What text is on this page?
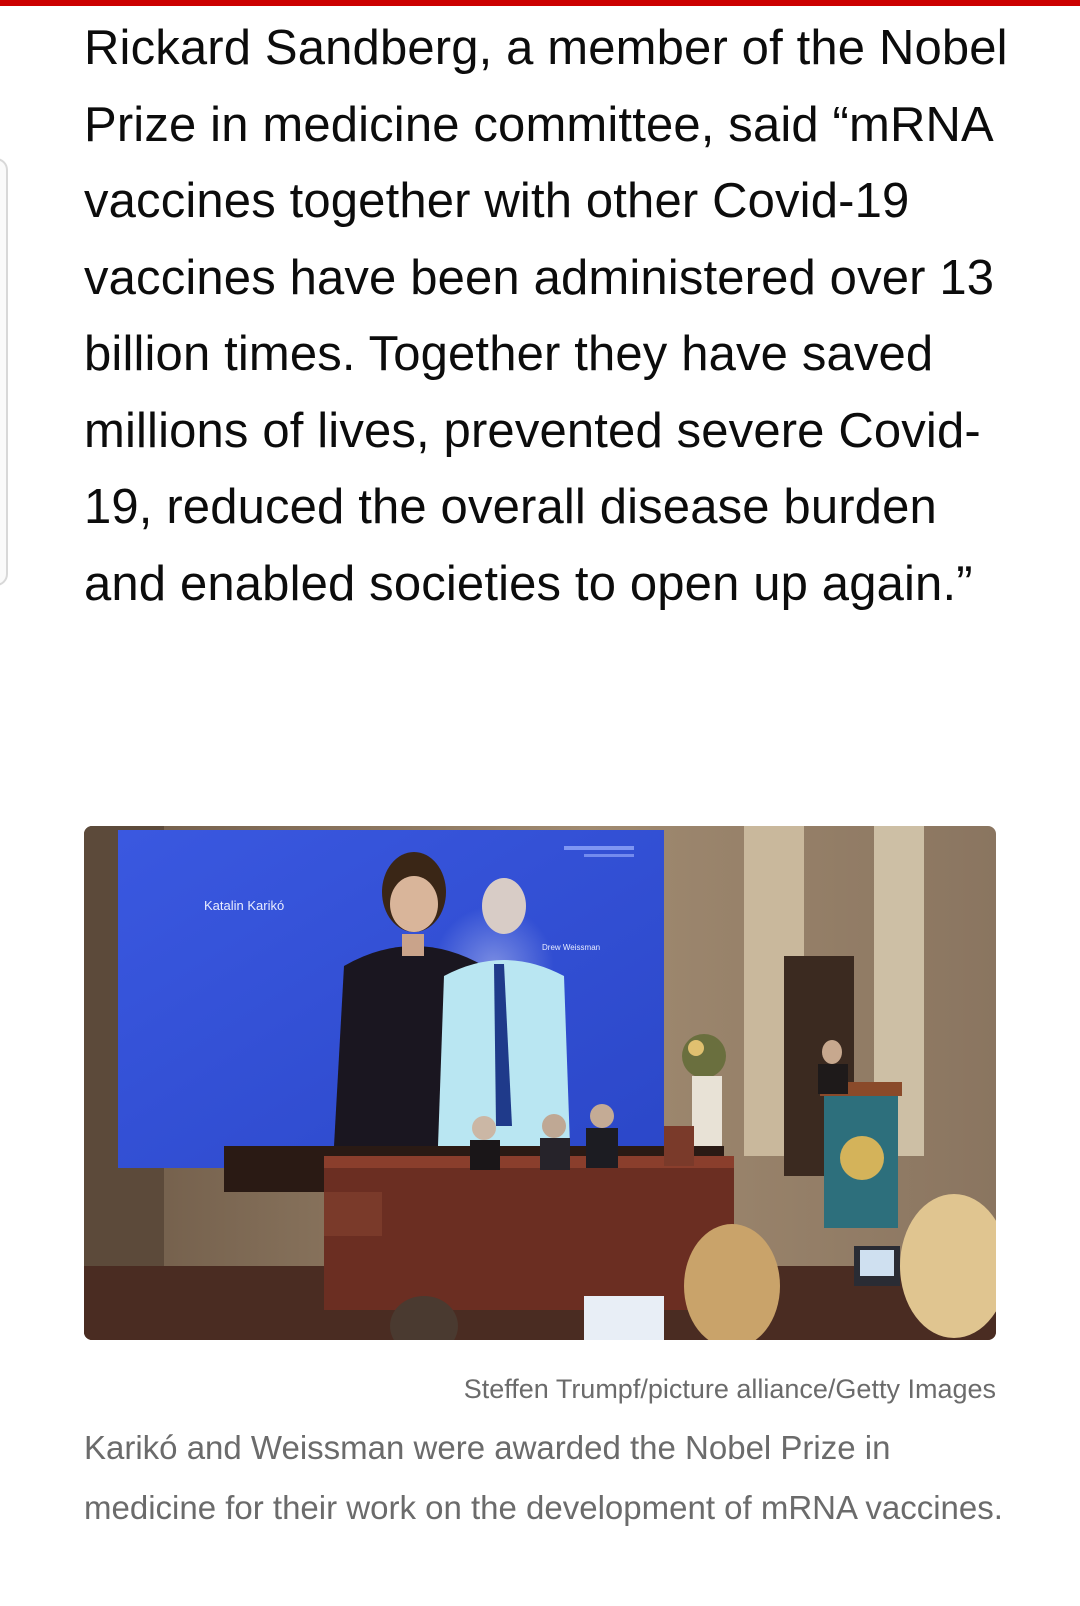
Rickard Sandberg, a member of the Nobel Prize in medicine committee, said “mRNA vaccines together with other Covid-19 vaccines have been administered over 13 billion times. Together they have saved millions of lives, prevented severe Covid-19, reduced the overall disease burden and enabled societies to open up again.”

Katalin Karikó
Drew Weissman

Steffen Trumpf/picture alliance/Getty Images

Karikó and Weissman were awarded the Nobel Prize in medicine for their work on the development of mRNA vaccines.
